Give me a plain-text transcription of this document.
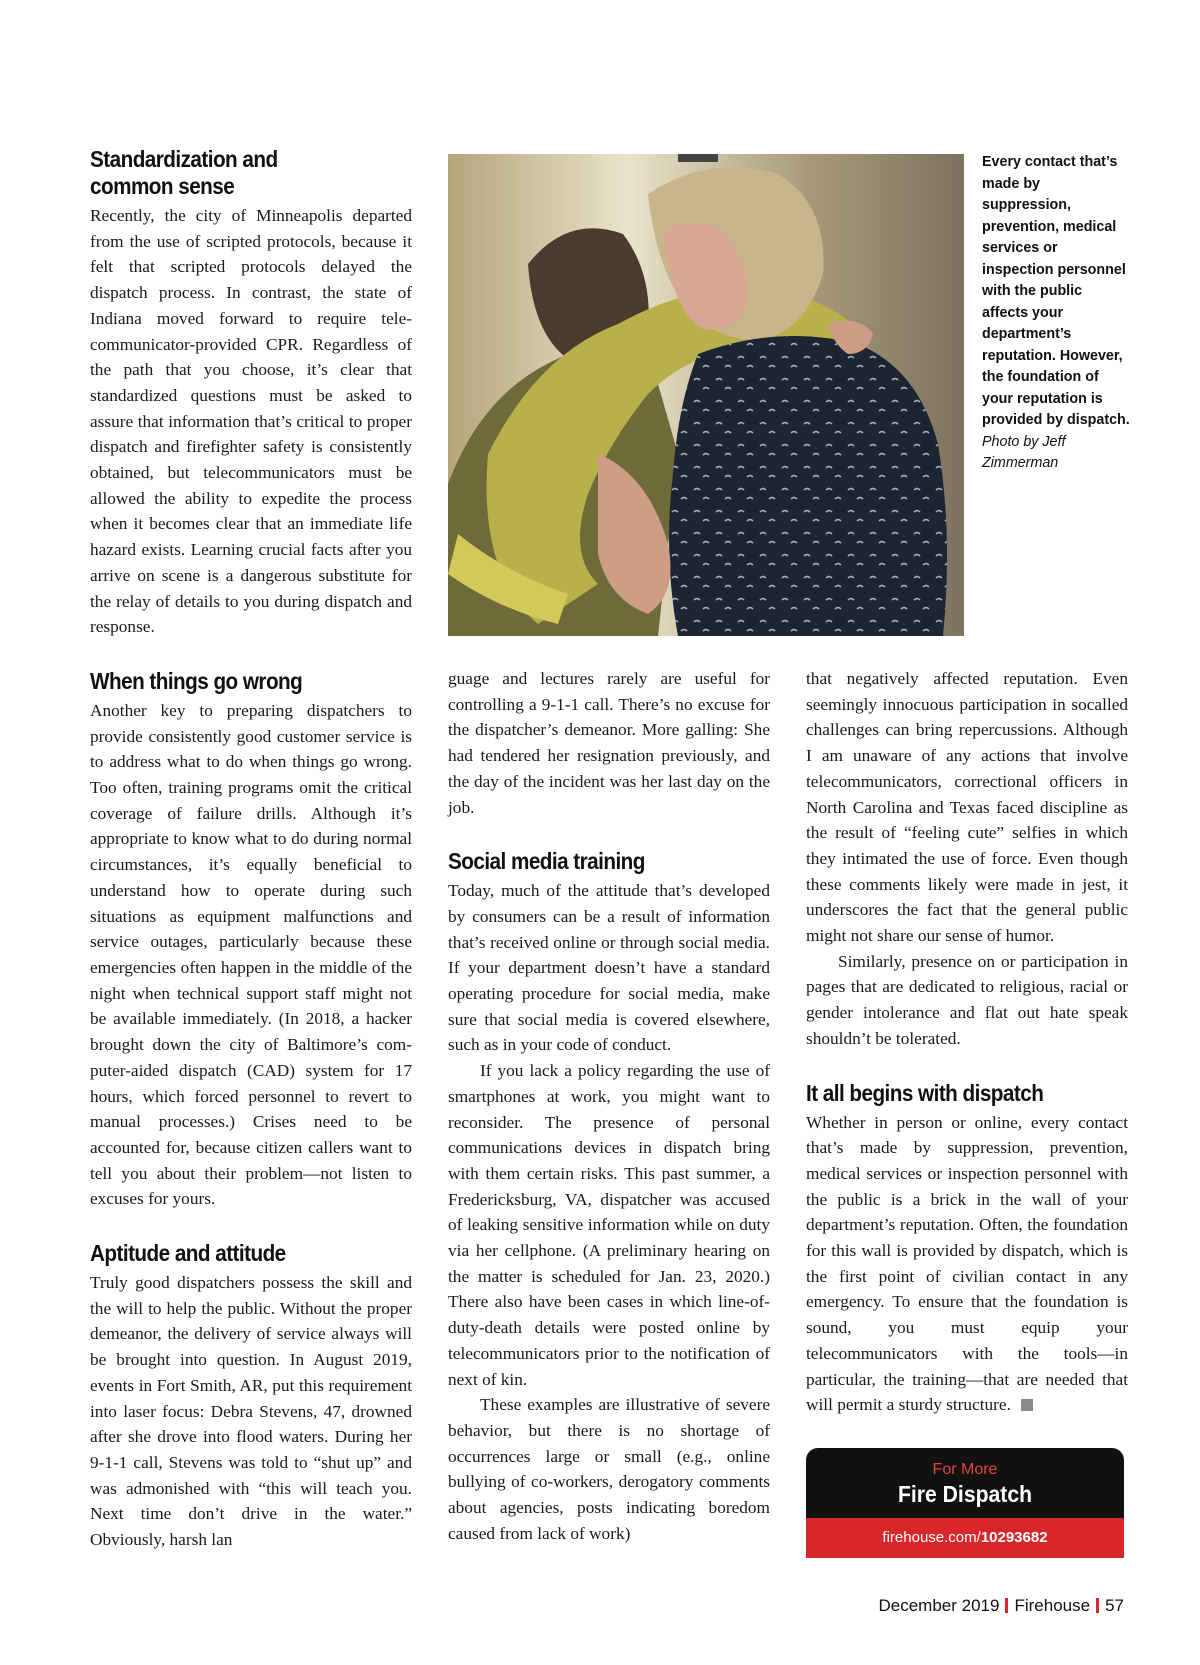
Standardization and
common sense

Recently, the city of Minneapolis departed from the use of scripted protocols, because it felt that scripted protocols delayed the dispatch process. In contrast, the state of Indiana moved forward to require telecommunicator-provided CPR. Regardless of the path that you choose, it’s clear that standardized questions must be asked to assure that information that’s critical to proper dispatch and firefighter safety is consistently obtained, but telecommunicators must be allowed the ability to expedite the process when it becomes clear that an immediate life hazard exists. Learning crucial facts after you arrive on scene is a dangerous substitute for the relay of details to you during dispatch and response.

When things go wrong

Another key to preparing dispatchers to provide consistently good customer service is to address what to do when things go wrong. Too often, training programs omit the critical coverage of failure drills. Although it’s appropriate to know what to do during normal circumstances, it’s equally beneficial to understand how to operate during such situations as equipment malfunctions and service outages, particularly because these emergencies often happen in the middle of the night when technical support staff might not be available immediately. (In 2018, a hacker brought down the city of Baltimore’s computer-aided dispatch (CAD) system for 17 hours, which forced personnel to revert to manual processes.) Crises need to be accounted for, because citizen callers want to tell you about their problem—not listen to excuses for yours.

Aptitude and attitude

Truly good dispatchers possess the skill and the will to help the public. Without the proper demeanor, the delivery of service always will be brought into question. In August 2019, events in Fort Smith, AR, put this requirement into laser focus: Debra Stevens, 47, drowned after she drove into flood waters. During her 9-1-1 call, Stevens was told to “shut up” and was admonished with “this will teach you. Next time don’t drive in the water.” Obviously, harsh lan

Every contact that’s made by suppression, prevention, medical services or inspection personnel with the public affects your department’s reputation. However, the foundation of your reputation is provided by dispatch. Photo by Jeff Zimmerman

guage and lectures rarely are useful for controlling a 9-1-1 call. There’s no excuse for the dispatcher’s demeanor. More galling: She had tendered her resignation previously, and the day of the incident was her last day on the job.

Social media training

Today, much of the attitude that’s developed by consumers can be a result of information that’s received online or through social media. If your department doesn’t have a standard operating procedure for social media, make sure that social media is covered elsewhere, such as in your code of conduct.

If you lack a policy regarding the use of smartphones at work, you might want to reconsider. The presence of personal communications devices in dispatch bring with them certain risks. This past summer, a Fredericksburg, VA, dispatcher was accused of leaking sensitive information while on duty via her cellphone. (A preliminary hearing on the matter is scheduled for Jan. 23, 2020.) There also have been cases in which line-of-duty-death details were posted online by telecommunicators prior to the notification of next of kin.

These examples are illustrative of severe behavior, but there is no shortage of occurrences large or small (e.g., online bullying of co-workers, derogatory comments about agencies, posts indicating boredom caused from lack of work)

that negatively affected reputation. Even seemingly innocuous participation in socalled challenges can bring repercussions. Although I am unaware of any actions that involve telecommunicators, correctional officers in North Carolina and Texas faced discipline as the result of “feeling cute” selfies in which they intimated the use of force. Even though these comments likely were made in jest, it underscores the fact that the general public might not share our sense of humor.

Similarly, presence on or participation in pages that are dedicated to religious, racial or gender intolerance and flat out hate speak shouldn’t be tolerated.

It all begins with dispatch

Whether in person or online, every contact that’s made by suppression, prevention, medical services or inspection personnel with the public is a brick in the wall of your department’s reputation. Often, the foundation for this wall is provided by dispatch, which is the first point of civilian contact in any emergency. To ensure that the foundation is sound, you must equip your telecommunicators with the tools—in particular, the training—that are needed that will permit a sturdy structure.

For More
Fire Dispatch
firehouse.com/10293682
December 2019 Firehouse 57
